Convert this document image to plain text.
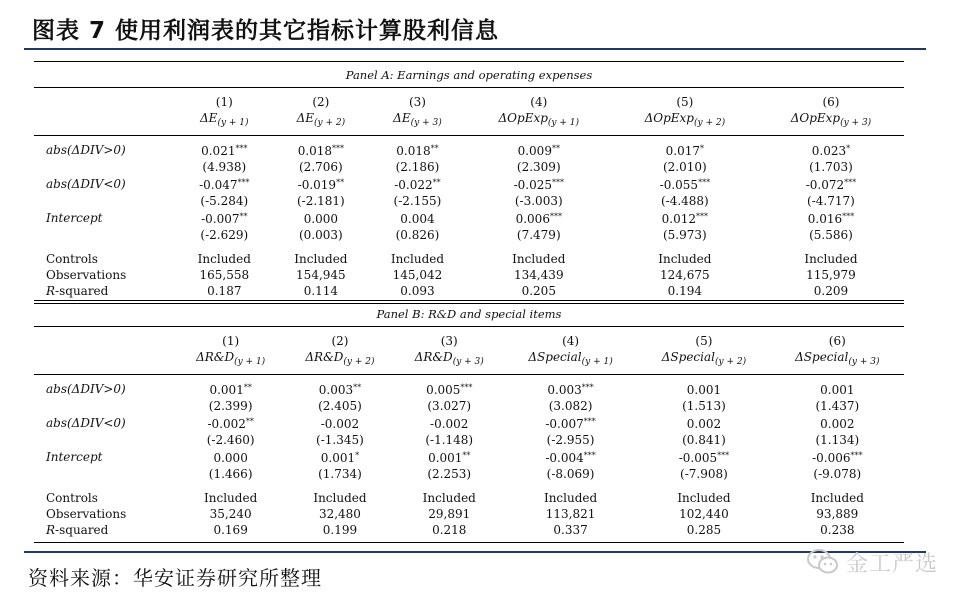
图表 7 使用利润表的其它指标计算股利信息
Panel A: Earnings and operating expenses						
	(1)	(2)	(3)	(4)	(5)	(6)
	$\Delta E_{(y + 1)}$	$\Delta E_{(y + 2)}$	$\Delta E_{(y + 3)}$	ΔOpExp$_{(y + 1)}$	ΔOpExp$_{(y + 2)}$	ΔOpExp$_{(y + 3)}$
abs(ΔDIV>0)	0.021***	0.018***	0.018**	0.009**	0.017*	0.023*
	(4.938)	(2.706)	(2.186)	(2.309)	(2.010)	(1.703)
abs(ΔDIV<0)	-0.047***	-0.019**	-0.022**	-0.025***	-0.055***	-0.072***
	(-5.284)	(-2.181)	(-2.155)	(-3.003)	(-4.488)	(-4.717)
Intercept	-0.007**	0.000	0.004	0.006***	0.012***	0.016***
	(-2.629)	(0.003)	(0.826)	(7.479)	(5.973)	(5.586)
Controls	Included	Included	Included	Included	Included	Included
Observations	165,558	154,945	145,042	134,439	124,675	115,979
R-squared	0.187	0.114	0.093	0.205	0.194	0.209
Panel B: R&D and special items						
	(1)	(2)	(3)	(4)	(5)	(6)
	$\Delta R\&D_{(y + 1)}$	$\Delta R\&D_{(y + 2)}$	$\Delta R\&D_{(y + 3)}$	ΔSpecial$_{(y + 1)}$	ΔSpecial$_{(y + 2)}$	ΔSpecial$_{(y + 3)}$
abs(ΔDIV>0)	0.001**	0.003**	0.005***	0.003***	0.001	0.001
	(2.399)	(2.405)	(3.027)	(3.082)	(1.513)	(1.437)
abs(ΔDIV<0)	-0.002**	-0.002	-0.002	-0.007***	0.002	0.002
	(-2.460)	(-1.345)	(-1.148)	(-2.955)	(0.841)	(1.134)
Intercept	0.000	0.001*	0.001**	-0.004***	-0.005***	-0.006***
	(1.466)	(1.734)	(2.253)	(-8.069)	(-7.908)	(-9.078)
Controls	Included	Included	Included	Included	Included	Included
Observations	35,240	32,480	29,891	113,821	102,440	93,889
R-squared	0.169	0.199	0.218	0.337	0.285	0.238
资料来源：华安证券研究所整理
金工严选
